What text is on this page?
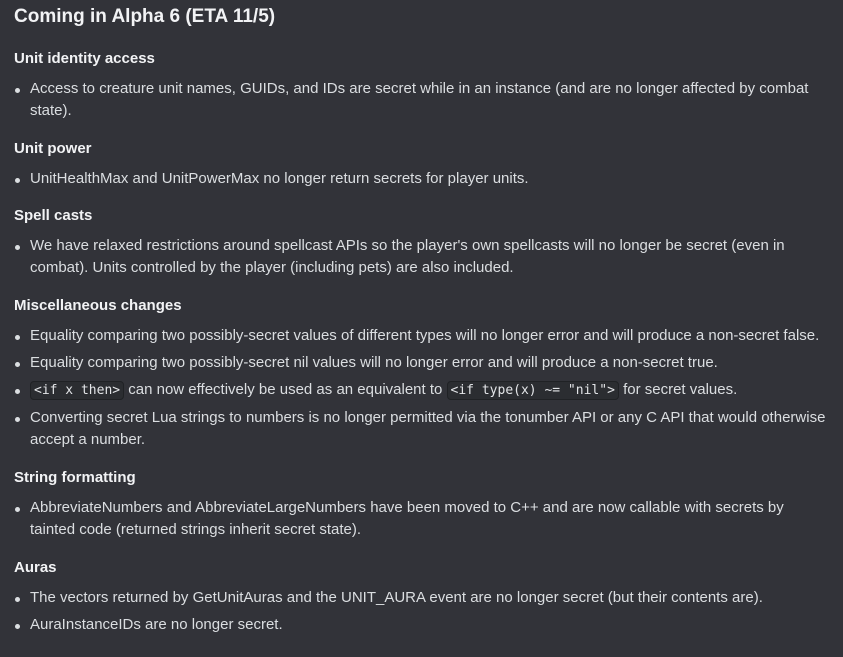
Coming in Alpha 6 (ETA 11/5)
Unit identity access
Access to creature unit names, GUIDs, and IDs are secret while in an instance (and are no longer affected by combat state).
Unit power
UnitHealthMax and UnitPowerMax no longer return secrets for player units.
Spell casts
We have relaxed restrictions around spellcast APIs so the player's own spellcasts will no longer be secret (even in combat). Units controlled by the player (including pets) are also included.
Miscellaneous changes
Equality comparing two possibly-secret values of different types will no longer error and will produce a non-secret false.
Equality comparing two possibly-secret nil values will no longer error and will produce a non-secret true.
<if x then> can now effectively be used as an equivalent to <if type(x) ~= "nil"> for secret values.
Converting secret Lua strings to numbers is no longer permitted via the tonumber API or any C API that would otherwise accept a number.
String formatting
AbbreviateNumbers and AbbreviateLargeNumbers have been moved to C++ and are now callable with secrets by tainted code (returned strings inherit secret state).
Auras
The vectors returned by GetUnitAuras and the UNIT_AURA event are no longer secret (but their contents are).
AuraInstanceIDs are no longer secret.
